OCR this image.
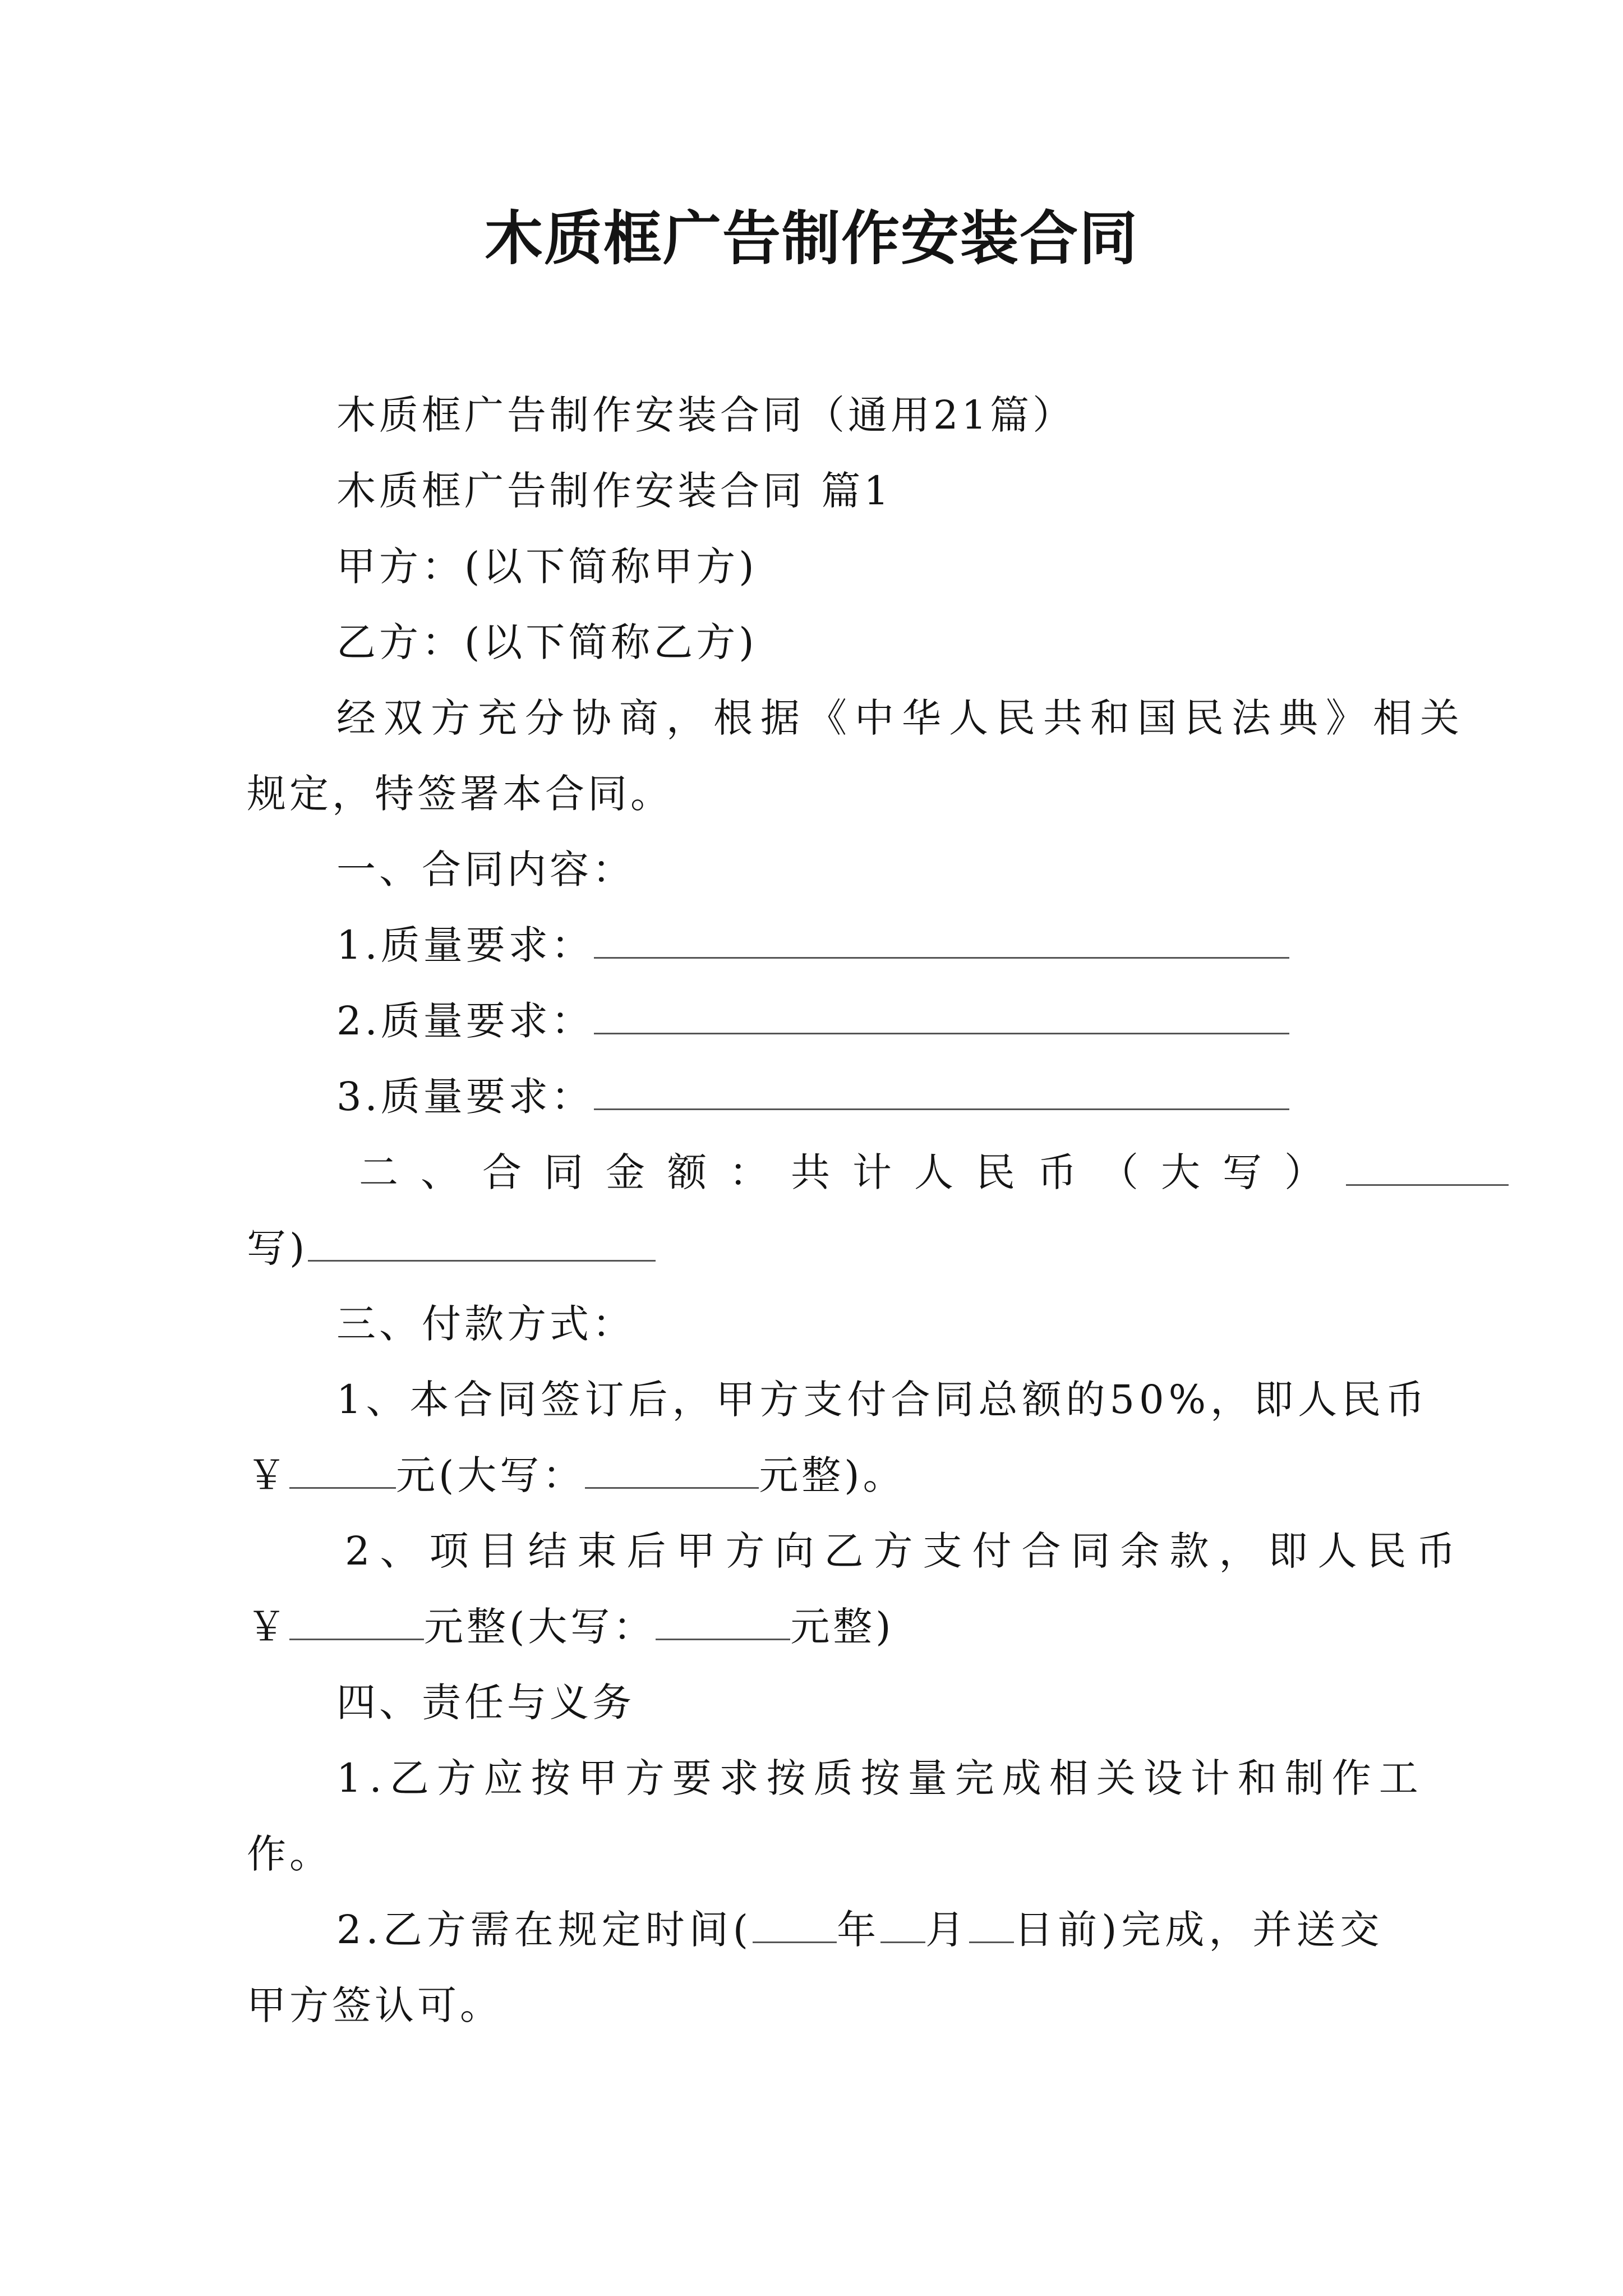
木质框广告制作安装合同
木质框广告制作安装合同（通用21篇）
木质框广告制作安装合同 篇1
甲方：(以下简称甲方)
乙方：(以下简称乙方)
经双方充分协商，根据《中华人民共和国民法典》相关
规定，特签署本合同。
一、合同内容：
1.质量要求：
2.质量要求：
3.质量要求：
二、合同金额：共计人民币（大写）
写)
三、付款方式：
1、本合同签订后，甲方支付合同总额的50%，即人民币
￥	元(大写：	元整)。
2、项目结束后甲方向乙方支付合同余款，即人民币
￥	元整(大写：	元整)
四、责任与义务
1.乙方应按甲方要求按质按量完成相关设计和制作工
作。
2.乙方需在规定时间( 年 月 日前)完成，并送交
甲方签认可。
